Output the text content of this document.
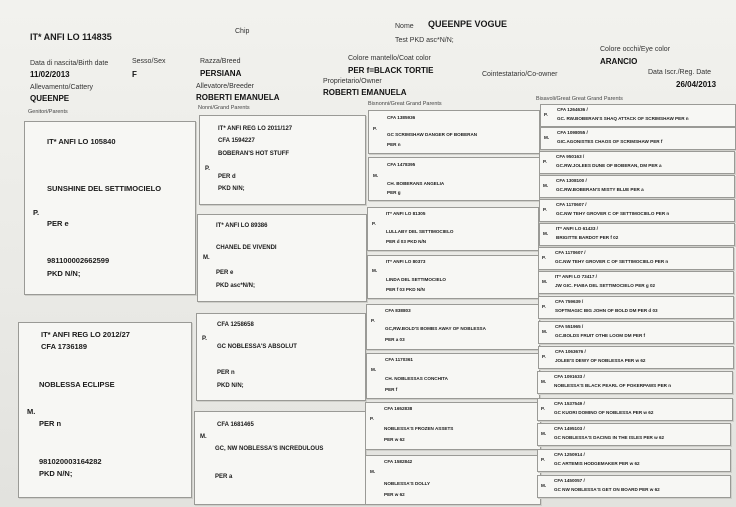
IT* ANFI LO 114835
Chip
Nome QUEENPE VOGUE
Test PKD asc*N/N;
Data di nascita/Birth date
11/02/2013
Sesso/Sex
F
Razza/Breed
PERSIANA
Colore mantello/Coat color
PER f=BLACK TORTIE
Colore occhi/Eye color
ARANCIO
Allevamento/Cattery
QUEENPE
Allevatore/Breeder
ROBERTI EMANUELA
Proprietario/Owner
ROBERTI EMANUELA
Cointestatario/Co-owner	Data Iscr./Reg. Date
26/04/2013
Genitori/Parents
Nonni/Grand Parents
Bisnonni/Great Grand Parents
Bisavoli/Great Great Grand Parents
IT* ANFI LO 105840
SUNSHINE DEL SETTIMOCIELO
P.
PER e
981100002662599
PKD N/N;
IT* ANFI REG LO 2012/27
CFA 1736189
NOBLESSA ECLIPSE
M.
PER n
981020003164282
PKD N/N;
IT* ANFI REG LO 2011/127
CFA 1594227
BOBERAN'S HOT STUFF
P.
PER d
PKD N/N;
IT* ANFI LO 89386
CHANEL DE VIVENDI
M.
PER e
PKD asc*N/N;
CFA 1258658
P.
GC NOBLESSA'S ABSOLUT
PER n
PKD N/N;
CFA 1681465
M.
GC, NW NOBLESSA'S INCREDULOUS
PER a
CFA 1385936
P.
GC SCRIMSHAW DANGER OF BOBERAN
PER n
CFA 1478395
M.
CH. BOBERANS ANGELIA
PER g
IT* ANFI LO 81305
P.
LULLABY DEL SETTIMOCIELO
PER d 03 PKD N/N
IT* ANFI LO 80373
M.
LINDA DEL SETTIMOCIELO
PER f 03 PKD N/N
CFA 838803
P.
GC,RW.BOLD'S BOMBS AWAY OF NOBLESSA
PER a 03
CFA 1170361
M.
CH. NOBLESSAS CONCHITA
PER f
CFA 1652838
P.
NOBLESSA'S FROZEN ASSETS
PER w 62
CFA 1582842
M.
NOBLESSA'S DOLLY
PER w 62
CFA 1264636 /
P.
GC. RW.BOBERAN'S SHAQ ATTACK OF SCRIMSHAW PER n
CFA 1098055 /
M.
GIC.AGONISTES CHAOS OF SCRIMSHAW PER f
CFA 950163 /
P.
GC.RW.JOLEES DUNE OF BOBERAN, DM PER a
CFA 1308100 /
M.
GC.RW.BOBERAN'S MISTY BLUE PER a
CFA 1170607 /
P.
GC.NW TEHY GROVER C OF SETTIMOCIELO PER n
IT* ANFI LO 61433 /
M.
BRIGITTE BARDOT PER f 02
CFA 1170607 /
P.
GC.NW TEHY GROVER C OF SETTIMOCIELO PER n
IT* ANFI LO 73417 /
M.
JW GIC. FIABA DEL SETTIMOCIELO PER g 02
CFA 759639 /
P.
SOFTMAGIC BIG JOHN OF BOLD DM PER d 03
CFA 551965 /
M.
GC.BOLDS FRUIT OTHE LOOM DM PER f
CFA 1063676 /
P.
JOLEE'S DEWY OF NOBLESSA PER w 62
CFA 1091633 /
M.
NOBLESSA'S BLACK PEARL OF POKERPAWS PER n
CFA 1537549 /
P.
GC KUORI DOMINO OF NOBLESSA PER w 62
CFA 1495103 /
M.
GC NOBLESSA'S DACING IN THE ISLES PER w 62
CFA 1250914 /
P.
GC ARTEMIS HODGEMAKER PER w 62
CFA 1450057 /
M.
GC NW NOBLESSA'S GET ON BOARD PER w 62
